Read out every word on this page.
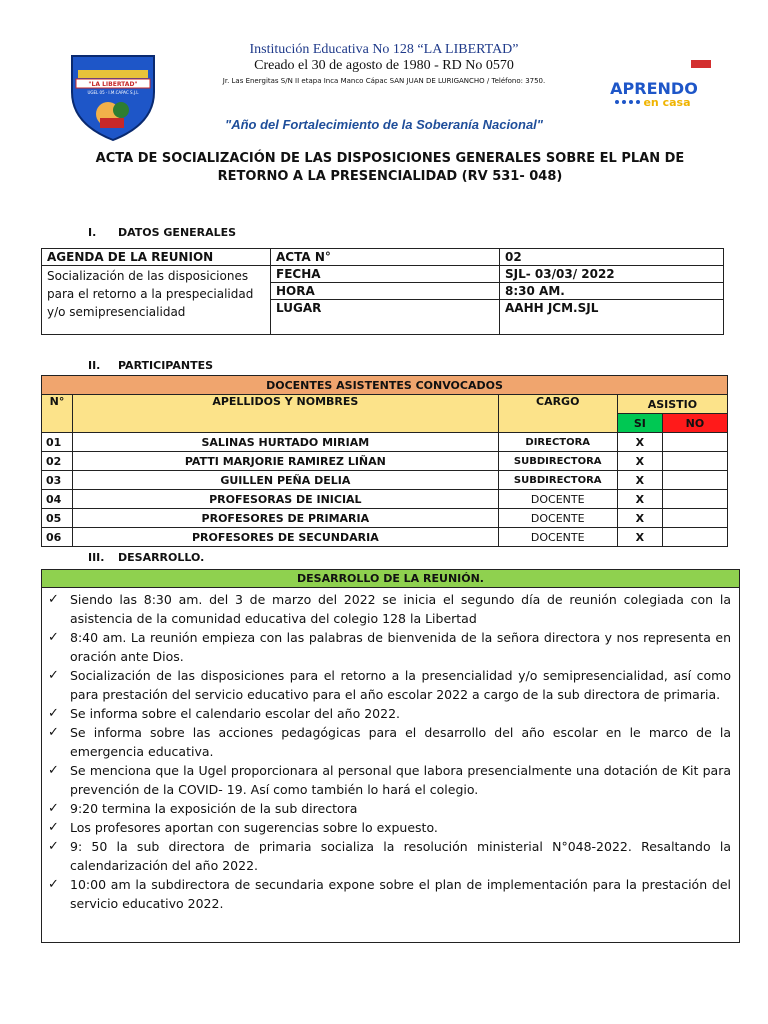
"LA LIBERTAD"
UGEL 05 · I.M.CAPAC S.J.L
Institución Educativa No 128 “LA LIBERTAD”
Creado el 30 de agosto de 1980 - RD No 0570
Jr. Las Energitas S/N II etapa Inca Manco Cápac SAN JUAN DE LURIGANCHO / Teléfono: 3750.	APRENDO
en casa
"Año del Fortalecimiento de la Soberanía Nacional"
ACTA DE SOCIALIZACIÓN DE LAS DISPOSICIONES GENERALES SOBRE EL PLAN DE RETORNO A LA PRESENCIALIDAD (RV 531- 048)
I. DATOS GENERALES
AGENDA DE LA REUNION	ACTA N°	02
Socialización de las disposiciones para el retorno a la prespecialidad y/o semipresencialidad	FECHA	SJL- 03/03/ 2022
	HORA	8:30 AM.
	LUGAR	AAHH JCM.SJL
II. PARTICIPANTES
DOCENTES ASISTENTES CONVOCADOS				
N°	APELLIDOS Y NOMBRES	CARGO	ASISTIO	
			SI	NO
01	SALINAS HURTADO MIRIAM	DIRECTORA	X	
02	PATTI MARJORIE RAMIREZ LIÑAN	SUBDIRECTORA	X	
03	GUILLEN PEÑA DELIA	SUBDIRECTORA	X	
04	PROFESORAS DE INICIAL	DOCENTE	X	
05	PROFESORES DE PRIMARIA	DOCENTE	X	
06	PROFESORES DE SECUNDARIA	DOCENTE	X	
III. DESARROLLO.
DESARROLLO DE LA REUNIÓN.
✓ Siendo las 8:30 am. del 3 de marzo del 2022 se inicia el segundo día de reunión colegiada con la asistencia de la comunidad educativa del colegio 128 la Libertad
✓ 8:40 am. La reunión empieza con las palabras de bienvenida de la señora directora y nos representa en oración ante Dios.
✓ Socialización de las disposiciones para el retorno a la presencialidad y/o semipresencialidad, así como para prestación del servicio educativo para el año escolar 2022 a cargo de la sub directora de primaria.
✓ Se informa sobre el calendario escolar del año 2022.
✓ Se informa sobre las acciones pedagógicas para el desarrollo del año escolar en le marco de la emergencia educativa.
✓ Se menciona que la Ugel proporcionara al personal que labora presencialmente una dotación de Kit para prevención de la COVID- 19. Así como también lo hará el colegio.
✓ 9:20 termina la exposición de la sub directora
✓ Los profesores aportan con sugerencias sobre lo expuesto.
✓ 9: 50 la sub directora de primaria socializa la resolución ministerial N°048-2022. Resaltando la calendarización del año 2022.
✓ 10:00 am la subdirectora de secundaria expone sobre el plan de implementación para la prestación del servicio educativo 2022.
